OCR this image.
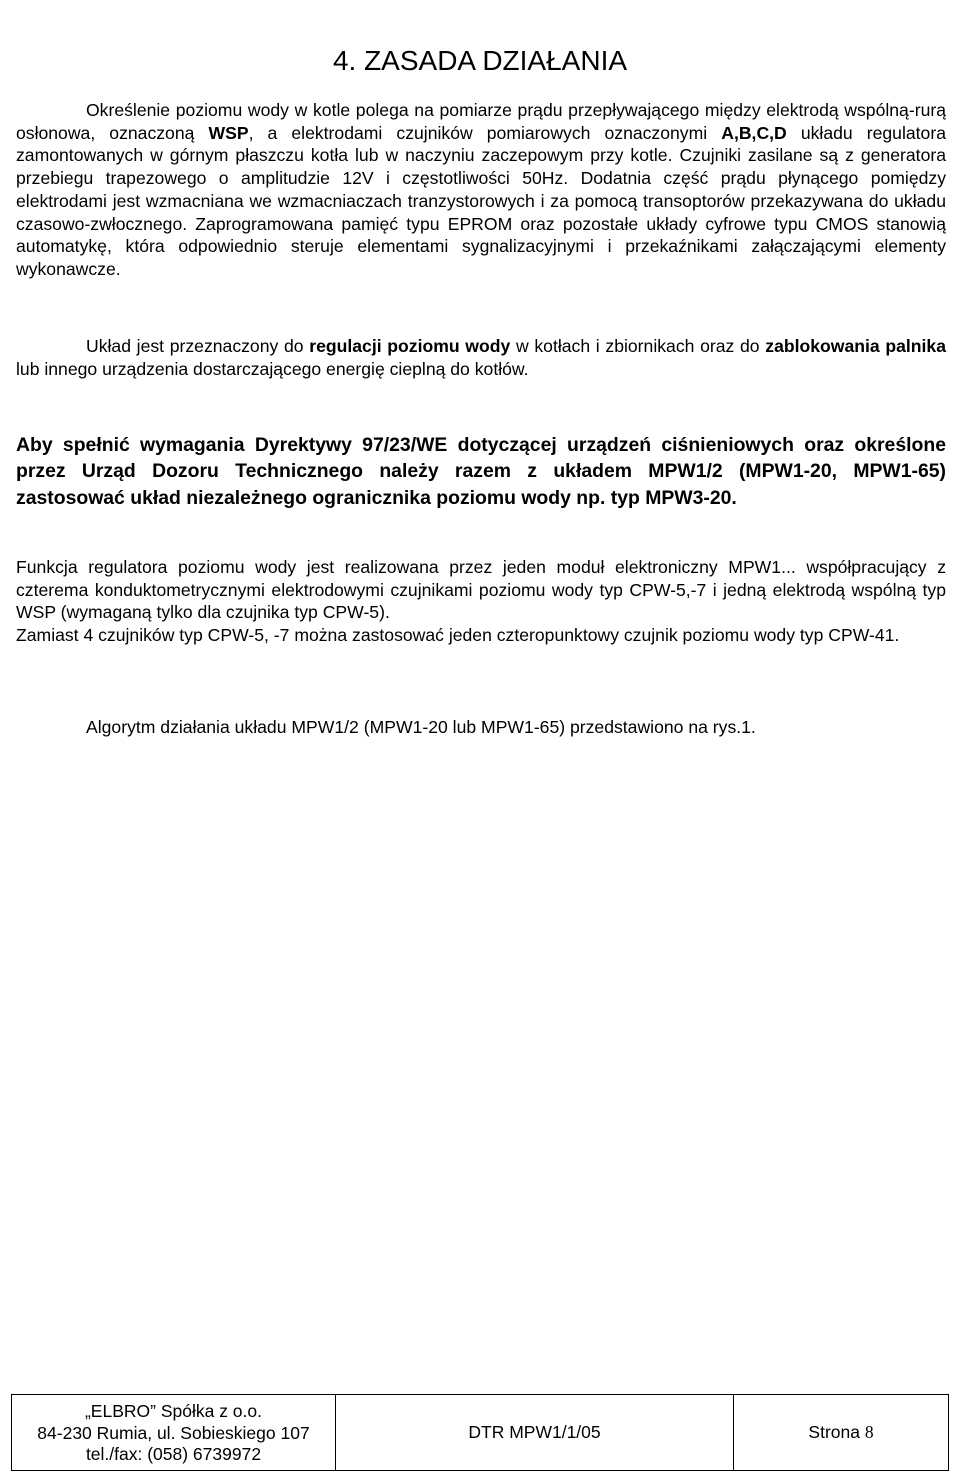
4. ZASADA DZIAŁANIA

Określenie poziomu wody w kotle polega na pomiarze prądu przepływającego między elektrodą wspólną-rurą osłonowa, oznaczoną WSP, a elektrodami czujników pomiarowych oznaczonymi A,B,C,D układu regulatora zamontowanych w górnym płaszczu kotła lub w naczyniu zaczepowym przy kotle. Czujniki zasilane są z generatora przebiegu trapezowego o amplitudzie 12V i częstotliwości 50Hz. Dodatnia część prądu płynącego pomiędzy elektrodami jest wzmacniana we wzmacniaczach tranzystorowych i za pomocą transoptorów przekazywana do układu czasowo-zwłocznego. Zaprogramowana pamięć typu EPROM oraz pozostałe układy cyfrowe typu CMOS stanowią automatykę, która odpowiednio steruje elementami sygnalizacyjnymi i przekaźnikami załączającymi elementy wykonawcze.

Układ jest przeznaczony do regulacji poziomu wody w kotłach i zbiornikach oraz do zablokowania palnika lub innego urządzenia dostarczającego energię cieplną do kotłów.

Aby spełnić wymagania Dyrektywy 97/23/WE dotyczącej urządzeń ciśnieniowych oraz określone przez Urząd Dozoru Technicznego należy razem z układem MPW1/2 (MPW1-20, MPW1-65) zastosować układ niezależnego ogranicznika poziomu wody np. typ MPW3-20.

Funkcja regulatora poziomu wody jest realizowana przez jeden moduł elektroniczny MPW1... współpracujący z czterema konduktometrycznymi elektrodowymi czujnikami poziomu wody typ CPW-5,-7 i jedną elektrodą wspólną typ WSP (wymaganą tylko dla czujnika typ CPW-5).
Zamiast 4 czujników typ CPW-5, -7 można zastosować jeden czteropunktowy czujnik poziomu wody typ CPW-41.

Algorytm działania układu MPW1/2 (MPW1-20 lub MPW1-65) przedstawiono na rys.1.

„ELBRO” Spółka z o.o.
84-230 Rumia, ul. Sobieskiego 107
tel./fax: (058) 6739972
	DTR MPW1/1/05	Strona 8
